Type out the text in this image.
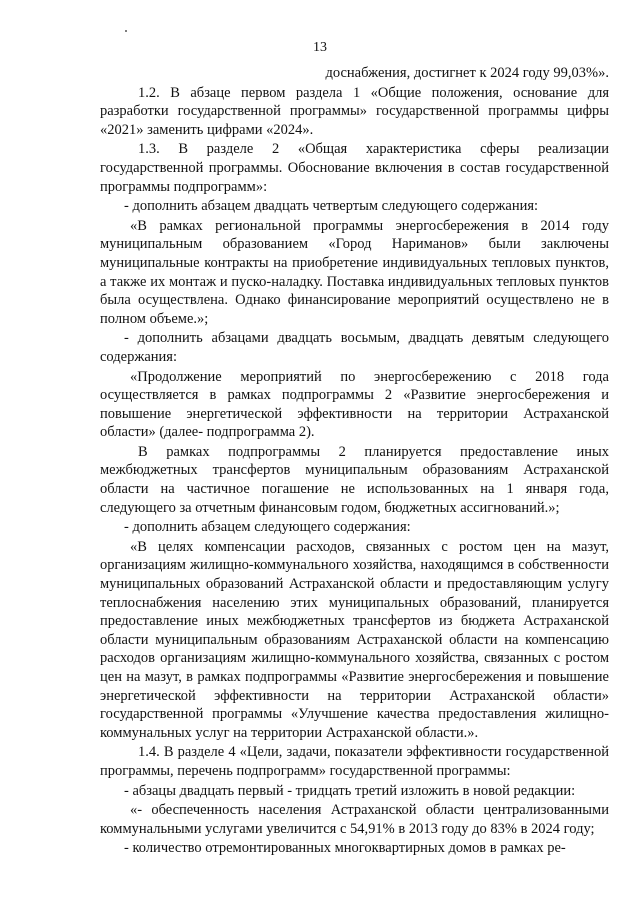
13

доснабжения, достигнет к 2024 году 99,03%».

1.2. В абзаце первом раздела 1 «Общие положения, основание для разработки государственной программы» государственной программы цифры «2021» заменить цифрами «2024».

1.3. В разделе 2 «Общая характеристика сферы реализации государственной программы. Обоснование включения в состав государственной программы подпрограмм»:

- дополнить абзацем двадцать четвертым следующего содержания:

«В рамках региональной программы энергосбережения в 2014 году муниципальным образованием «Город Нариманов» были заключены муниципальные контракты на приобретение индивидуальных тепловых пунктов, а также их монтаж и пуско-наладку. Поставка индивидуальных тепловых пунктов была осуществлена. Однако финансирование мероприятий осуществлено не в полном объеме.»;

- дополнить абзацами двадцать восьмым, двадцать девятым следующего содержания:

«Продолжение мероприятий по энергосбережению с 2018 года осуществляется в рамках подпрограммы 2 «Развитие энергосбережения и повышение энергетической эффективности на территории Астраханской области» (далее- подпрограмма 2).

В рамках подпрограммы 2 планируется предоставление иных межбюджетных трансфертов муниципальным образованиям Астраханской области на частичное погашение не использованных на 1 января года, следующего за отчетным финансовым годом, бюджетных ассигнований.»;

- дополнить абзацем следующего содержания:

«В целях компенсации расходов, связанных с ростом цен на мазут, организациям жилищно-коммунального хозяйства, находящимся в собственности муниципальных образований Астраханской области и предоставляющим услугу теплоснабжения населению этих муниципальных образований, планируется предоставление иных межбюджетных трансфертов из бюджета Астраханской области муниципальным образованиям Астраханской области на компенсацию расходов организациям жилищно-коммунального хозяйства, связанных с ростом цен на мазут, в рамках подпрограммы «Развитие энергосбережения и повышение энергетической эффективности на территории Астраханской области» государственной программы «Улучшение качества предоставления жилищно-коммунальных услуг на территории Астраханской области.».

1.4. В разделе 4 «Цели, задачи, показатели эффективности государственной программы, перечень подпрограмм» государственной программы:

- абзацы двадцать первый - тридцать третий изложить в новой редакции:

«- обеспеченность населения Астраханской области централизованными коммунальными услугами увеличится с 54,91% в 2013 году до 83% в 2024 году;

- количество отремонтированных многоквартирных домов в рамках ре-
